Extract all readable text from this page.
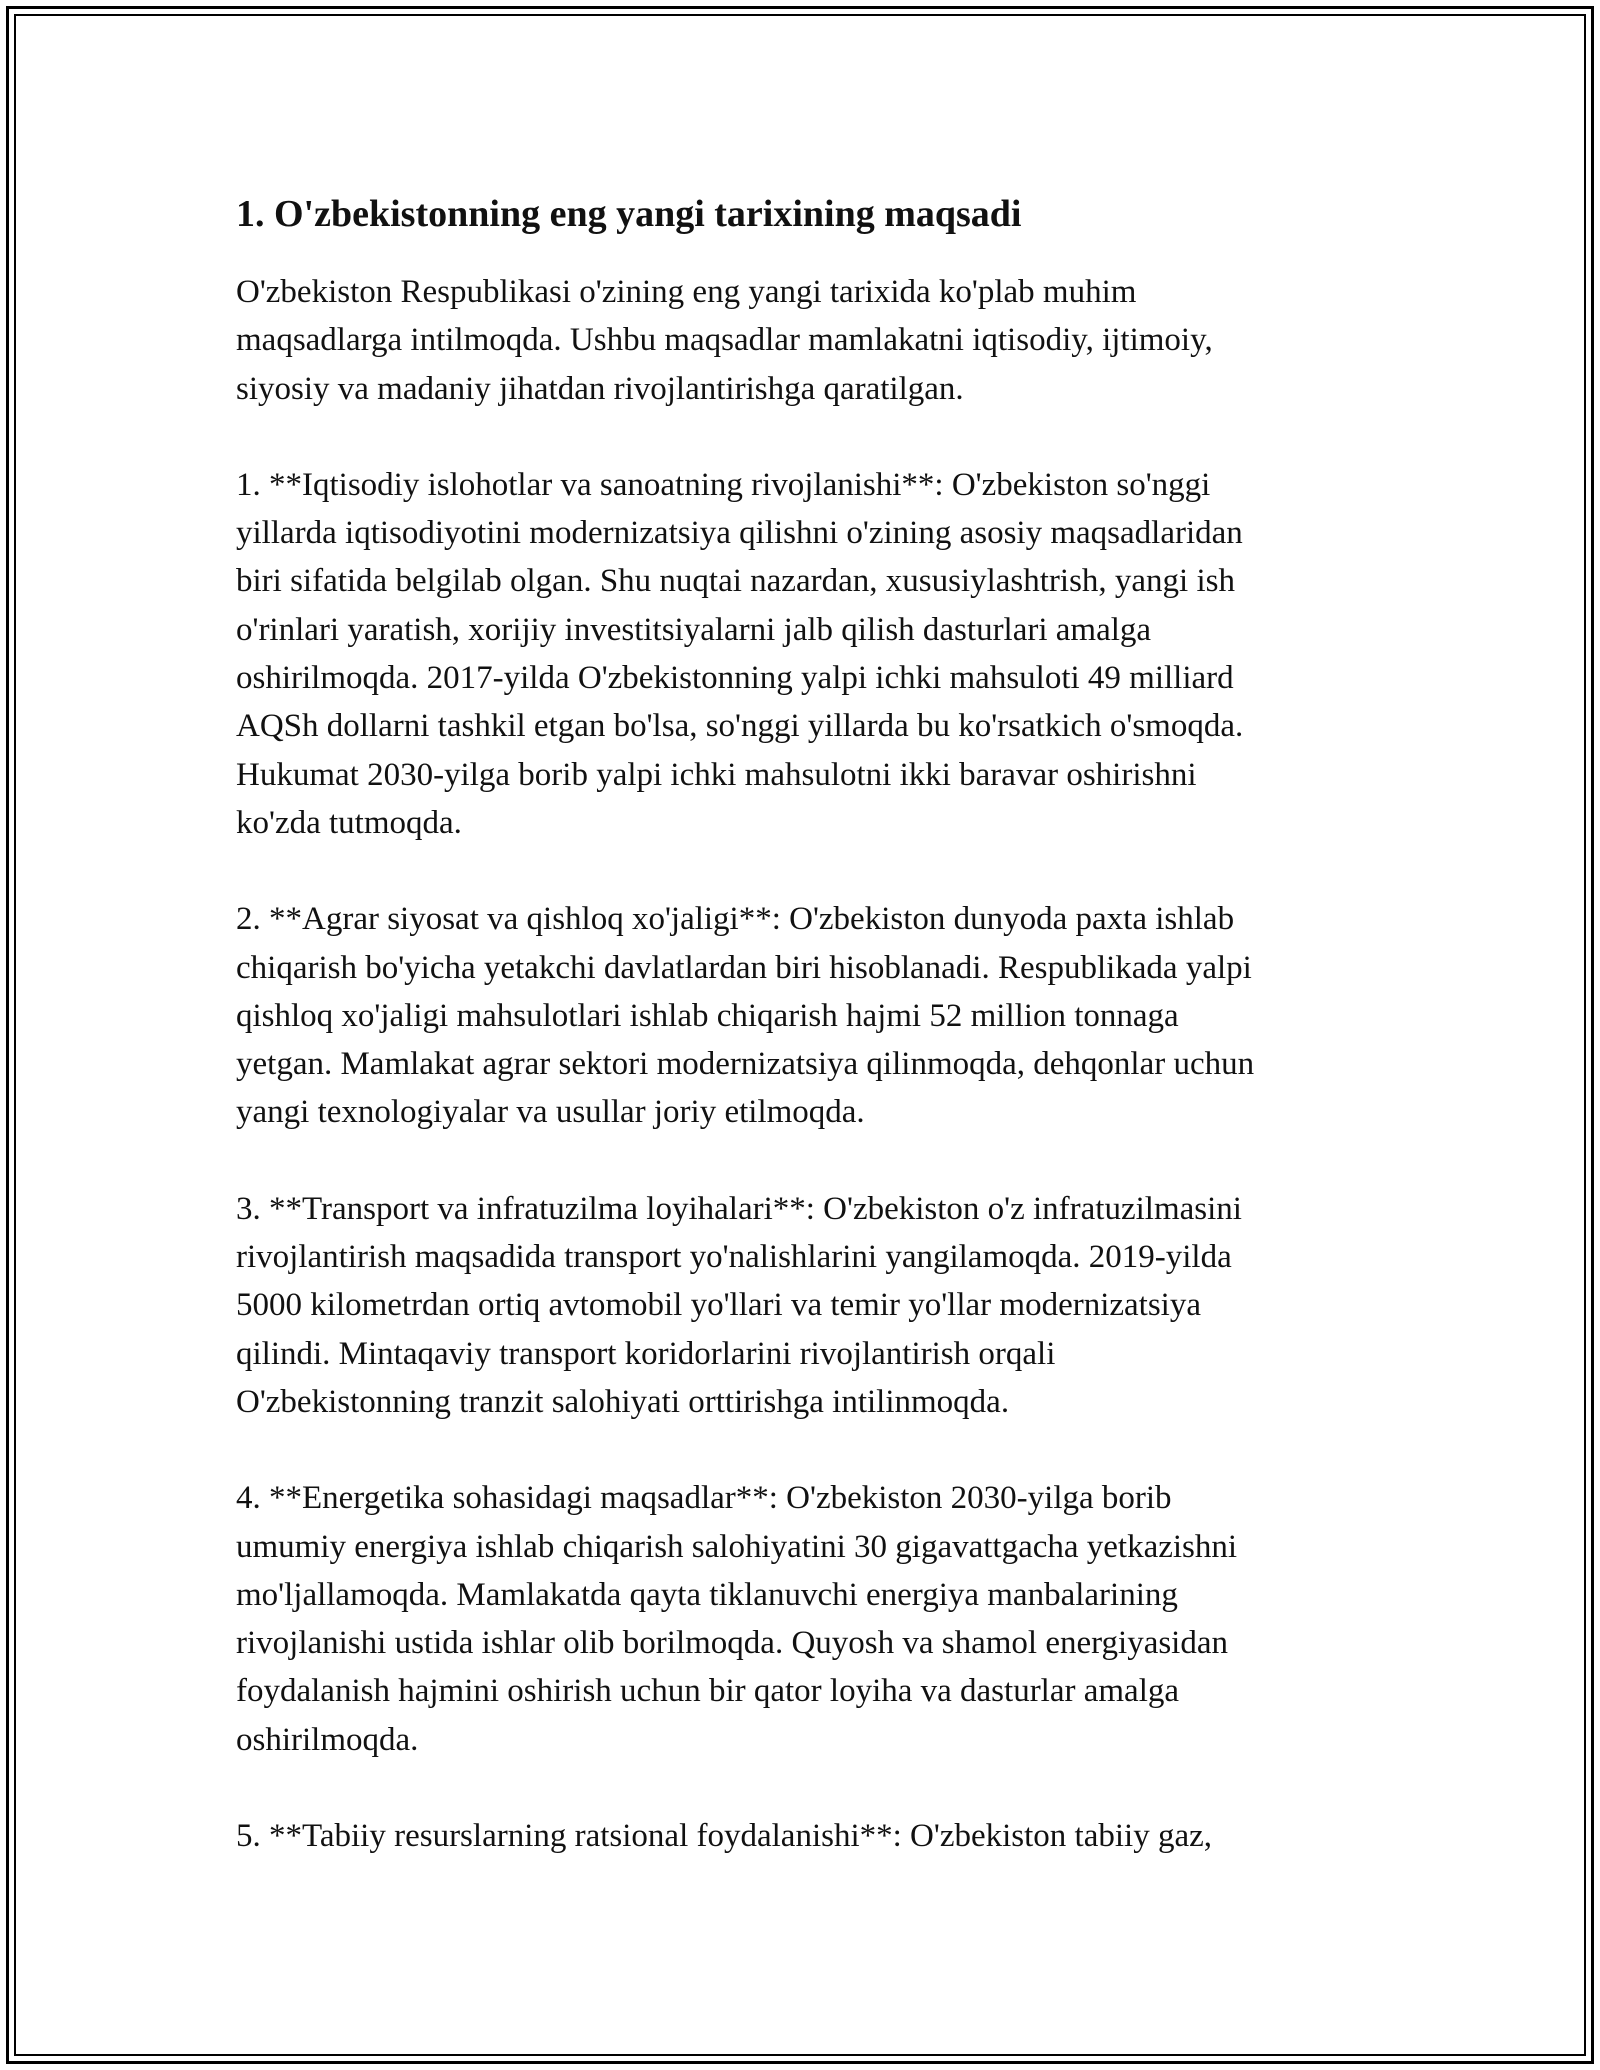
1. O'zbekistonning eng yangi tarixining maqsadi

O'zbekiston Respublikasi o'zining eng yangi tarixida ko'plab muhim
maqsadlarga intilmoqda. Ushbu maqsadlar mamlakatni iqtisodiy, ijtimoiy,
siyosiy va madaniy jihatdan rivojlantirishga qaratilgan.

1. **Iqtisodiy islohotlar va sanoatning rivojlanishi**: O'zbekiston so'nggi
yillarda iqtisodiyotini modernizatsiya qilishni o'zining asosiy maqsadlaridan
biri sifatida belgilab olgan. Shu nuqtai nazardan, xususiylashtrish, yangi ish
o'rinlari yaratish, xorijiy investitsiyalarni jalb qilish dasturlari amalga
oshirilmoqda. 2017-yilda O'zbekistonning yalpi ichki mahsuloti 49 milliard
AQSh dollarni tashkil etgan bo'lsa, so'nggi yillarda bu ko'rsatkich o'smoqda.
Hukumat 2030-yilga borib yalpi ichki mahsulotni ikki baravar oshirishni
ko'zda tutmoqda.

2. **Agrar siyosat va qishloq xo'jaligi**: O'zbekiston dunyoda paxta ishlab
chiqarish bo'yicha yetakchi davlatlardan biri hisoblanadi. Respublikada yalpi
qishloq xo'jaligi mahsulotlari ishlab chiqarish hajmi 52 million tonnaga
yetgan. Mamlakat agrar sektori modernizatsiya qilinmoqda, dehqonlar uchun
yangi texnologiyalar va usullar joriy etilmoqda.

3. **Transport va infratuzilma loyihalari**: O'zbekiston o'z infratuzilmasini
rivojlantirish maqsadida transport yo'nalishlarini yangilamoqda. 2019-yilda
5000 kilometrdan ortiq avtomobil yo'llari va temir yo'llar modernizatsiya
qilindi. Mintaqaviy transport koridorlarini rivojlantirish orqali
O'zbekistonning tranzit salohiyati orttirishga intilinmoqda.

4. **Energetika sohasidagi maqsadlar**: O'zbekiston 2030-yilga borib
umumiy energiya ishlab chiqarish salohiyatini 30 gigavattgacha yetkazishni
mo'ljallamoqda. Mamlakatda qayta tiklanuvchi energiya manbalarining
rivojlanishi ustida ishlar olib borilmoqda. Quyosh va shamol energiyasidan
foydalanish hajmini oshirish uchun bir qator loyiha va dasturlar amalga
oshirilmoqda.

5. **Tabiiy resurslarning ratsional foydalanishi**: O'zbekiston tabiiy gaz,
